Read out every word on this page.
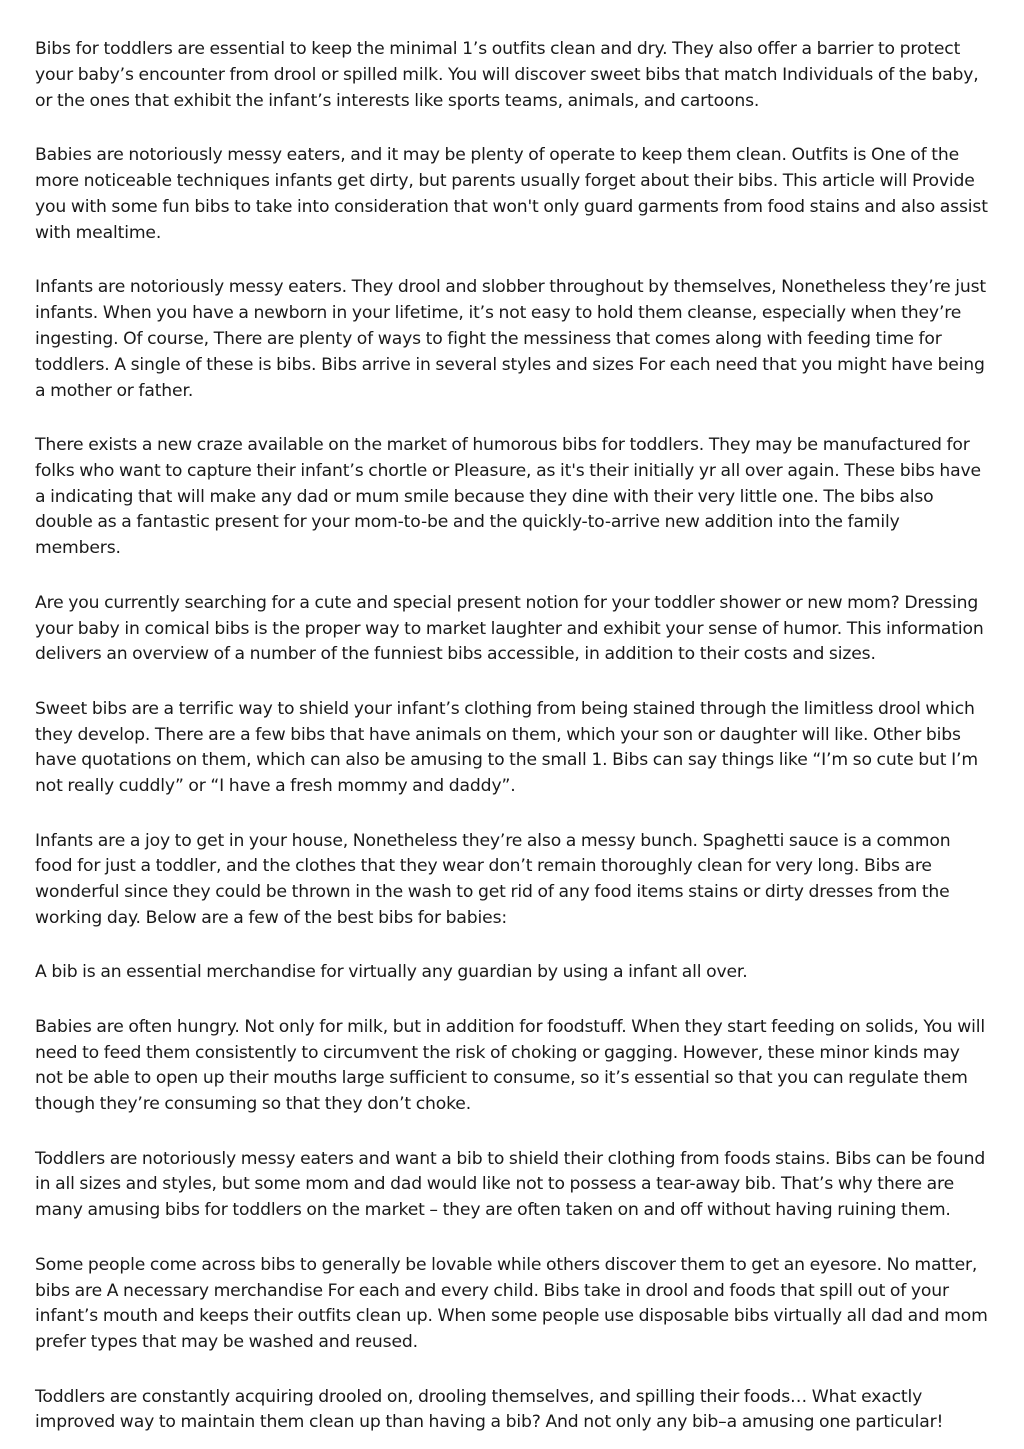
Bibs for toddlers are essential to keep the minimal 1’s outfits clean and dry. They also offer a barrier to protect your baby’s encounter from drool or spilled milk. You will discover sweet bibs that match Individuals of the baby, or the ones that exhibit the infant’s interests like sports teams, animals, and cartoons.

Babies are notoriously messy eaters, and it may be plenty of operate to keep them clean. Outfits is One of the more noticeable techniques infants get dirty, but parents usually forget about their bibs. This article will Provide you with some fun bibs to take into consideration that won't only guard garments from food stains and also assist with mealtime.

Infants are notoriously messy eaters. They drool and slobber throughout by themselves, Nonetheless they’re just infants. When you have a newborn in your lifetime, it’s not easy to hold them cleanse, especially when they’re ingesting. Of course, There are plenty of ways to fight the messiness that comes along with feeding time for toddlers. A single of these is bibs. Bibs arrive in several styles and sizes For each need that you might have being a mother or father.

There exists a new craze available on the market of humorous bibs for toddlers. They may be manufactured for folks who want to capture their infant’s chortle or Pleasure, as it's their initially yr all over again. These bibs have a indicating that will make any dad or mum smile because they dine with their very little one. The bibs also double as a fantastic present for your mom-to-be and the quickly-to-arrive new addition into the family members.

Are you currently searching for a cute and special present notion for your toddler shower or new mom? Dressing your baby in comical bibs is the proper way to market laughter and exhibit your sense of humor. This information delivers an overview of a number of the funniest bibs accessible, in addition to their costs and sizes.

Sweet bibs are a terrific way to shield your infant’s clothing from being stained through the limitless drool which they develop. There are a few bibs that have animals on them, which your son or daughter will like. Other bibs have quotations on them, which can also be amusing to the small 1. Bibs can say things like “I’m so cute but I’m not really cuddly” or “I have a fresh mommy and daddy”.

Infants are a joy to get in your house, Nonetheless they’re also a messy bunch. Spaghetti sauce is a common food for just a toddler, and the clothes that they wear don’t remain thoroughly clean for very long. Bibs are wonderful since they could be thrown in the wash to get rid of any food items stains or dirty dresses from the working day. Below are a few of the best bibs for babies:

A bib is an essential merchandise for virtually any guardian by using a infant all over.

Babies are often hungry. Not only for milk, but in addition for foodstuff. When they start feeding on solids, You will need to feed them consistently to circumvent the risk of choking or gagging. However, these minor kinds may not be able to open up their mouths large sufficient to consume, so it’s essential so that you can regulate them though they’re consuming so that they don’t choke.

Toddlers are notoriously messy eaters and want a bib to shield their clothing from foods stains. Bibs can be found in all sizes and styles, but some mom and dad would like not to possess a tear-away bib. That’s why there are many amusing bibs for toddlers on the market – they are often taken on and off without having ruining them.

Some people come across bibs to generally be lovable while others discover them to get an eyesore. No matter, bibs are A necessary merchandise For each and every child. Bibs take in drool and foods that spill out of your infant’s mouth and keeps their outfits clean up. When some people use disposable bibs virtually all dad and mom prefer types that may be washed and reused.

Toddlers are constantly acquiring drooled on, drooling themselves, and spilling their foods… What exactly improved way to maintain them clean up than having a bib? And not only any bib–a amusing one particular!
